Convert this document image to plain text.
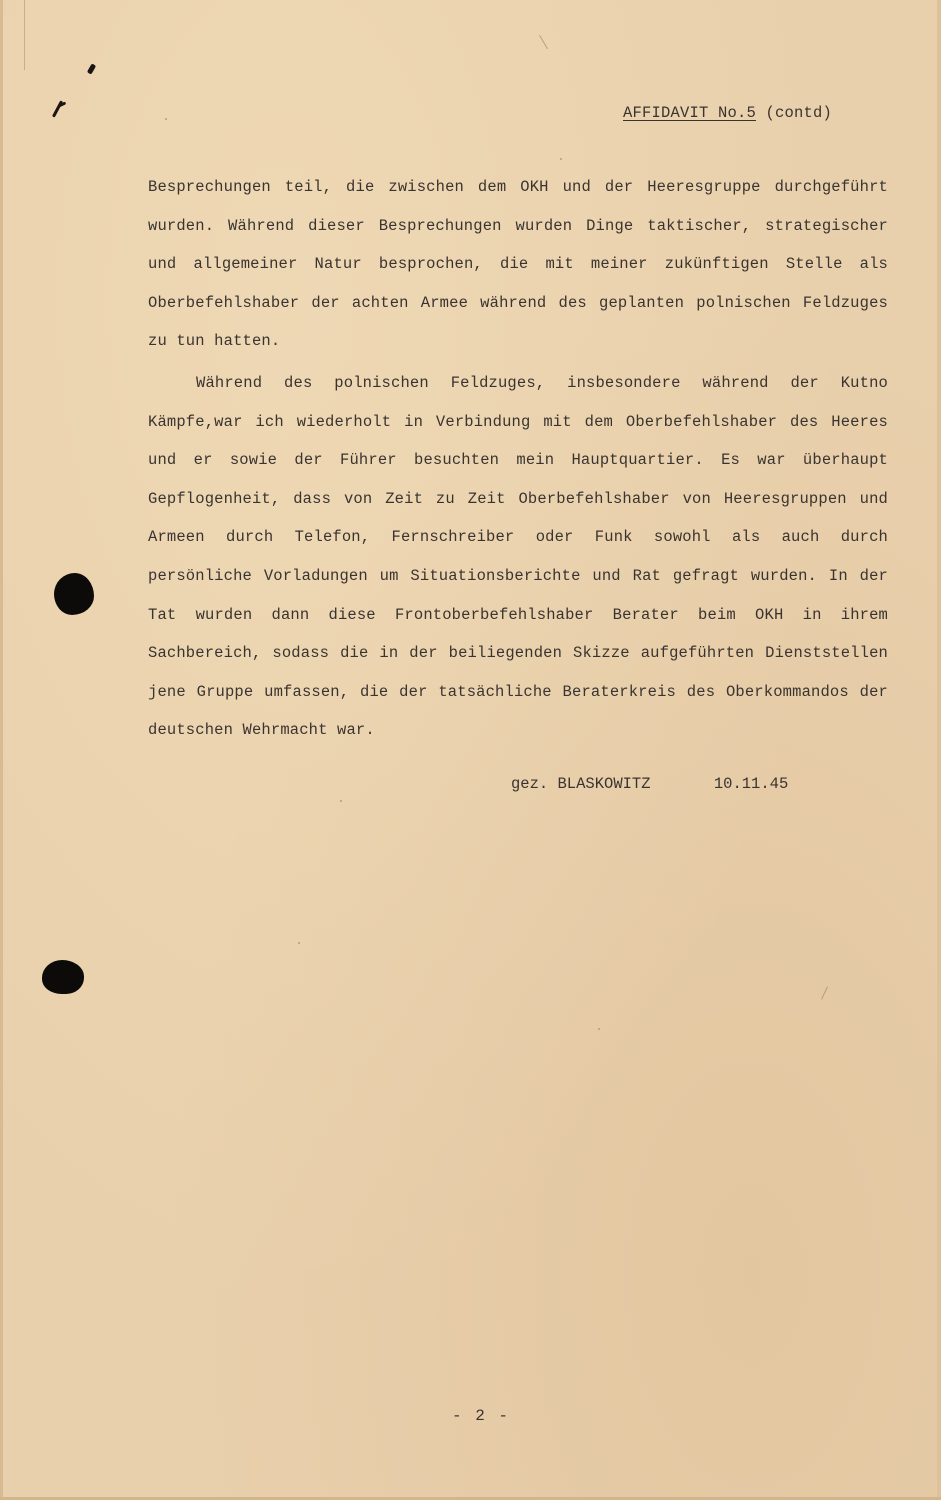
AFFIDAVIT No.5 (contd)

Besprechungen teil, die zwischen dem OKH und der Heeresgruppe durchgeführt wurden. Während dieser Besprechungen wurden Dinge taktischer, strategischer und allgemeiner Natur besprochen, die mit meiner zukünftigen Stelle als Oberbefehlshaber der achten Armee während des geplanten polnischen Feldzuges zu tun hatten.

Während des polnischen Feldzuges, insbesondere während der Kutno Kämpfe,war ich wiederholt in Verbindung mit dem Oberbefehlshaber des Heeres und er sowie der Führer besuchten mein Hauptquartier. Es war überhaupt Gepflogenheit, dass von Zeit zu Zeit Oberbefehlshaber von Heeresgruppen und Armeen durch Telefon, Fernschreiber oder Funk sowohl als auch durch persönliche Vorladungen um Situationsberichte und Rat gefragt wurden. In der Tat wurden dann diese Frontoberbefehlshaber Berater beim OKH in ihrem Sachbereich, sodass die in der beiliegenden Skizze aufgeführten Dienststellen jene Gruppe umfassen, die der tatsächliche Beraterkreis des Oberkommandos der deutschen Wehrmacht war.

gez. BLASKOWITZ	10.11.45
- 2 -
